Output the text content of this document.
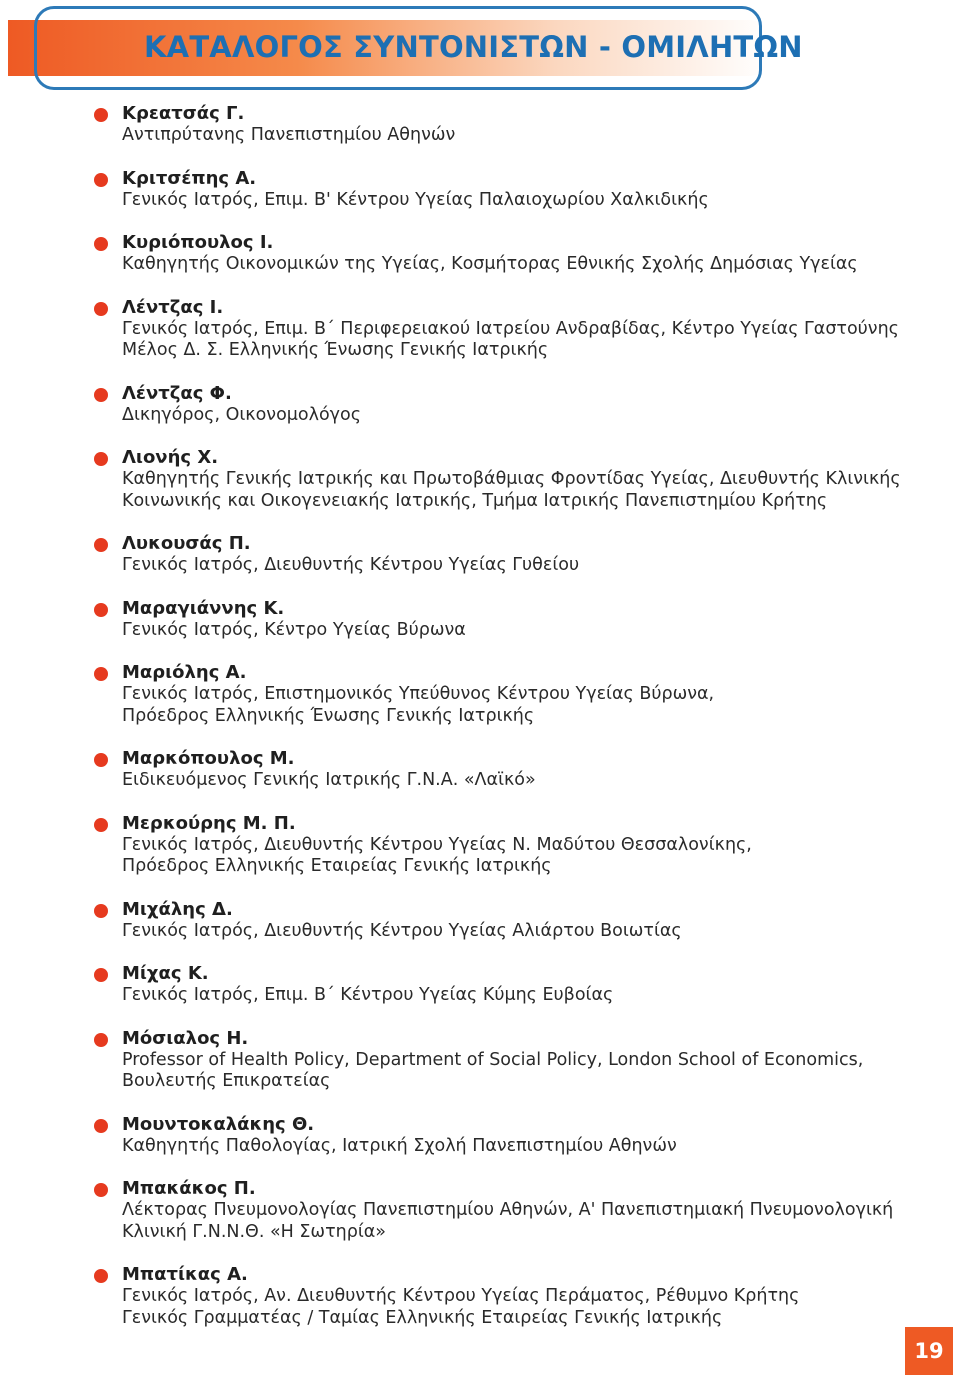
ΚΑΤΑΛΟΓΟΣ ΣΥΝΤΟΝΙΣΤΩΝ - ΟΜΙΛΗΤΩΝ
Κρεατσάς Γ.
Αντιπρύτανης Πανεπιστημίου Αθηνών
Κριτσέπης Α.
Γενικός Ιατρός, Επιμ. Β' Κέντρου Υγείας Παλαιοχωρίου Χαλκιδικής
Κυριόπουλος Ι.
Καθηγητής Οικονομικών της Υγείας, Κοσμήτορας Εθνικής Σχολής Δημόσιας Υγείας
Λέντζας Ι.
Γενικός Ιατρός, Επιμ. Β΄ Περιφερειακού Ιατρείου Ανδραβίδας, Κέντρο Υγείας Γαστούνης
Μέλος Δ. Σ. Ελληνικής Ένωσης Γενικής Ιατρικής
Λέντζας Φ.
Δικηγόρος, Οικονομολόγος
Λιονής Χ.
Καθηγητής Γενικής Ιατρικής και Πρωτοβάθμιας Φροντίδας Υγείας, Διευθυντής Κλινικής
Κοινωνικής και Οικογενειακής Ιατρικής, Τμήμα Ιατρικής Πανεπιστημίου Κρήτης
Λυκουσάς Π.
Γενικός Ιατρός, Διευθυντής Κέντρου Υγείας Γυθείου
Μαραγιάννης Κ.
Γενικός Ιατρός, Κέντρο Υγείας Βύρωνα
Μαριόλης Α.
Γενικός Ιατρός, Επιστημονικός Υπεύθυνος Κέντρου Υγείας Βύρωνα,
Πρόεδρος Ελληνικής Ένωσης Γενικής Ιατρικής
Μαρκόπουλος Μ.
Ειδικευόμενος Γενικής Ιατρικής Γ.Ν.Α. «Λαϊκό»
Μερκούρης Μ. Π.
Γενικός Ιατρός, Διευθυντής Κέντρου Υγείας Ν. Μαδύτου Θεσσαλονίκης,
Πρόεδρος Ελληνικής Εταιρείας Γενικής Ιατρικής
Μιχάλης Δ.
Γενικός Ιατρός, Διευθυντής Κέντρου Υγείας Αλιάρτου Βοιωτίας
Μίχας Κ.
Γενικός Ιατρός, Επιμ. Β΄ Κέντρου Υγείας Κύμης Ευβοίας
Μόσιαλος Η.
Professor of Health Policy, Department of Social Policy, London School of Economics,
Βουλευτής Επικρατείας
Μουντοκαλάκης Θ.
Καθηγητής Παθολογίας, Ιατρική Σχολή Πανεπιστημίου Αθηνών
Μπακάκος Π.
Λέκτορας Πνευμονολογίας Πανεπιστημίου Αθηνών, Α' Πανεπιστημιακή Πνευμονολογική
Κλινική Γ.Ν.Ν.Θ. «Η Σωτηρία»
Μπατίκας Α.
Γενικός Ιατρός, Αν. Διευθυντής Κέντρου Υγείας Περάματος, Ρέθυμνο Κρήτης
Γενικός Γραμματέας / Ταμίας Ελληνικής Εταιρείας Γενικής Ιατρικής
19
